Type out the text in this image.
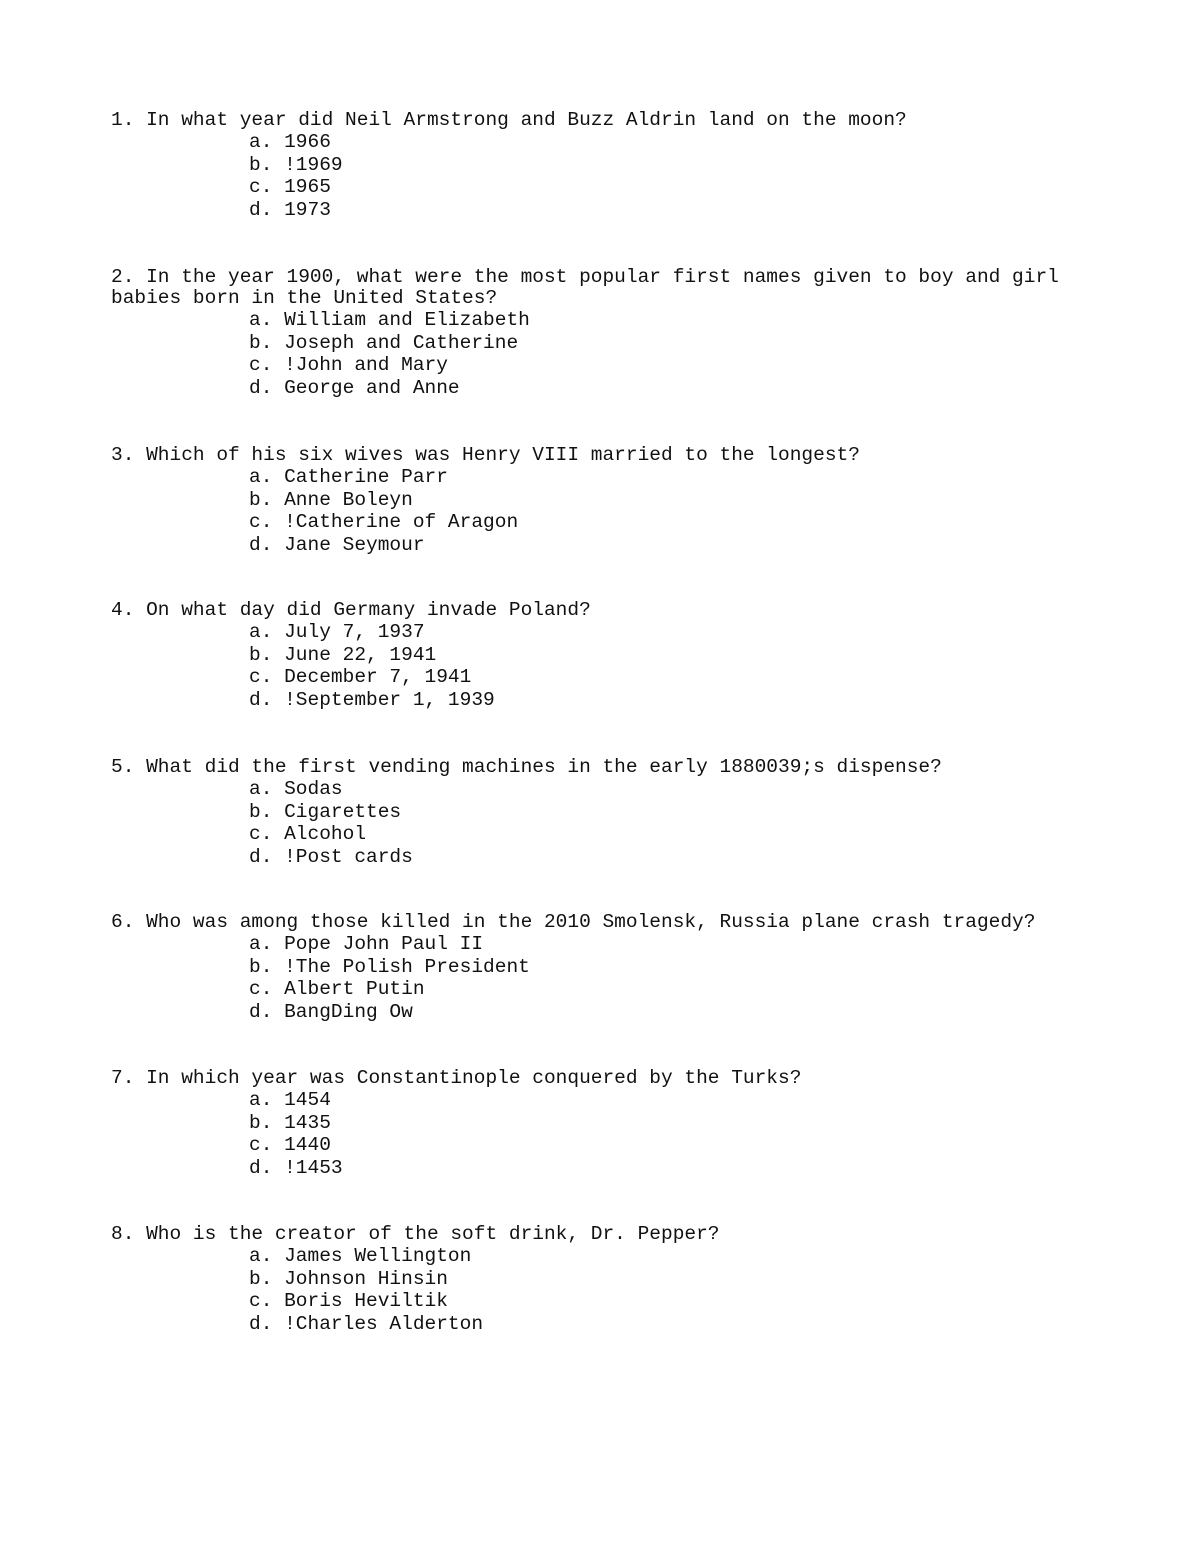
1. In what year did Neil Armstrong and Buzz Aldrin land on the moon?

a. 1966
b. !1969
c. 1965
d. 1973

2. In the year 1900, what were the most popular first names given to boy and girl babies born in the United States?

a. William and Elizabeth
b. Joseph and Catherine
c. !John and Mary
d. George and Anne

3. Which of his six wives was Henry VIII married to the longest?

a. Catherine Parr
b. Anne Boleyn
c. !Catherine of Aragon
d. Jane Seymour

4. On what day did Germany invade Poland?

a. July 7, 1937
b. June 22, 1941
c. December 7, 1941
d. !September 1, 1939

5. What did the first vending machines in the early 1880039;s dispense?

a. Sodas
b. Cigarettes
c. Alcohol
d. !Post cards

6. Who was among those killed in the 2010 Smolensk, Russia plane crash tragedy?

a. Pope John Paul II
b. !The Polish President
c. Albert Putin
d. BangDing Ow

7. In which year was Constantinople conquered by the Turks?

a. 1454
b. 1435
c. 1440
d. !1453

8. Who is the creator of the soft drink, Dr. Pepper?

a. James Wellington
b. Johnson Hinsin
c. Boris Heviltik
d. !Charles Alderton
